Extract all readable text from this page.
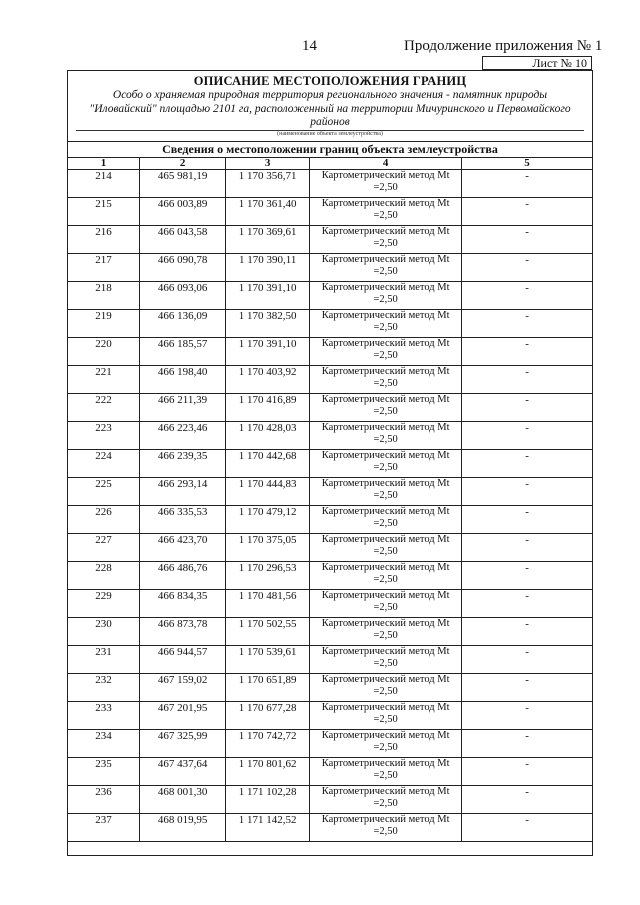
14	Продолжение приложения № 1
Лист № 10
ОПИСАНИЕ МЕСТОПОЛОЖЕНИЯ ГРАНИЦ
Особо о храняемая природная территория регионального значения - памятник природы
"Иловайский" площадью 2101 га, расположенный на территории Мичуринского и Первомайского
районов
(наименование объекта землеустройства)
Сведения о местоположении границ объекта землеустройства
1	2	3	4	5
214	465 981,19	1 170 356,71	Картометрический метод Mt
=2,50	-
215	466 003,89	1 170 361,40	Картометрический метод Mt
=2,50	-
216	466 043,58	1 170 369,61	Картометрический метод Mt
=2,50	-
217	466 090,78	1 170 390,11	Картометрический метод Mt
=2,50	-
218	466 093,06	1 170 391,10	Картометрический метод Mt
=2,50	-
219	466 136,09	1 170 382,50	Картометрический метод Mt
=2,50	-
220	466 185,57	1 170 391,10	Картометрический метод Mt
=2,50	-
221	466 198,40	1 170 403,92	Картометрический метод Mt
=2,50	-
222	466 211,39	1 170 416,89	Картометрический метод Mt
=2,50	-
223	466 223,46	1 170 428,03	Картометрический метод Mt
=2,50	-
224	466 239,35	1 170 442,68	Картометрический метод Mt
=2,50	-
225	466 293,14	1 170 444,83	Картометрический метод Mt
=2,50	-
226	466 335,53	1 170 479,12	Картометрический метод Mt
=2,50	-
227	466 423,70	1 170 375,05	Картометрический метод Mt
=2,50	-
228	466 486,76	1 170 296,53	Картометрический метод Mt
=2,50	-
229	466 834,35	1 170 481,56	Картометрический метод Mt
=2,50	-
230	466 873,78	1 170 502,55	Картометрический метод Mt
=2,50	-
231	466 944,57	1 170 539,61	Картометрический метод Mt
=2,50	-
232	467 159,02	1 170 651,89	Картометрический метод Mt
=2,50	-
233	467 201,95	1 170 677,28	Картометрический метод Mt
=2,50	-
234	467 325,99	1 170 742,72	Картометрический метод Mt
=2,50	-
235	467 437,64	1 170 801,62	Картометрический метод Mt
=2,50	-
236	468 001,30	1 171 102,28	Картометрический метод Mt
=2,50	-
237	468 019,95	1 171 142,52	Картометрический метод Mt
=2,50	-
